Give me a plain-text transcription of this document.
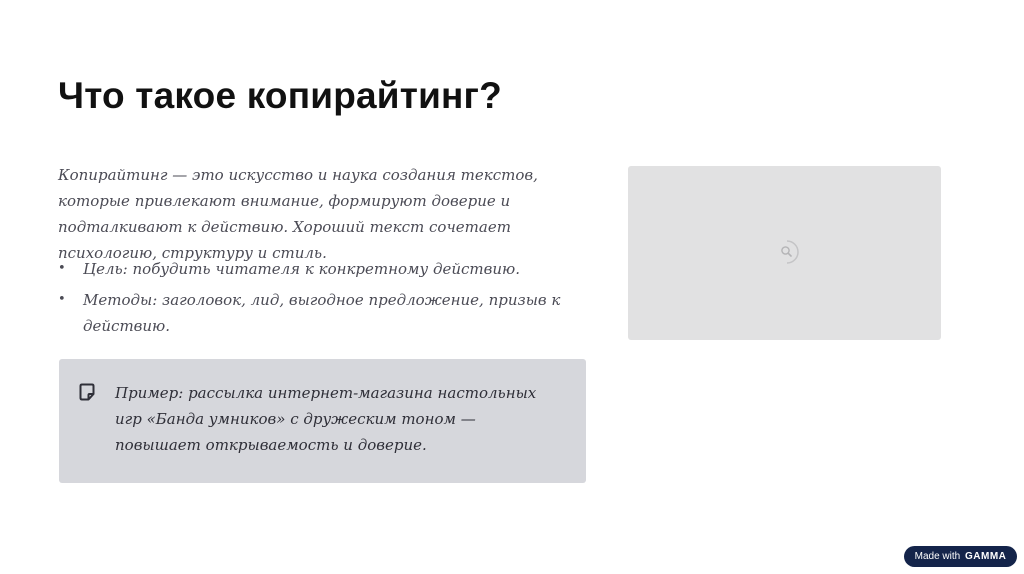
Что такое копирайтинг?

Копирайтинг — это искусство и наука создания текстов, которые привлекают внимание, формируют доверие и подталкивают к действию. Хороший текст сочетает психологию, структуру и стиль.

• Цель: побудить читателя к конкретному действию.
• Методы: заголовок, лид, выгодное предложение, призыв к действию.

Пример: рассылка интернет-магазина настольных игр «Банда умников» с дружеским тоном — повышает открываемость и доверие.

Made with GAMMA
